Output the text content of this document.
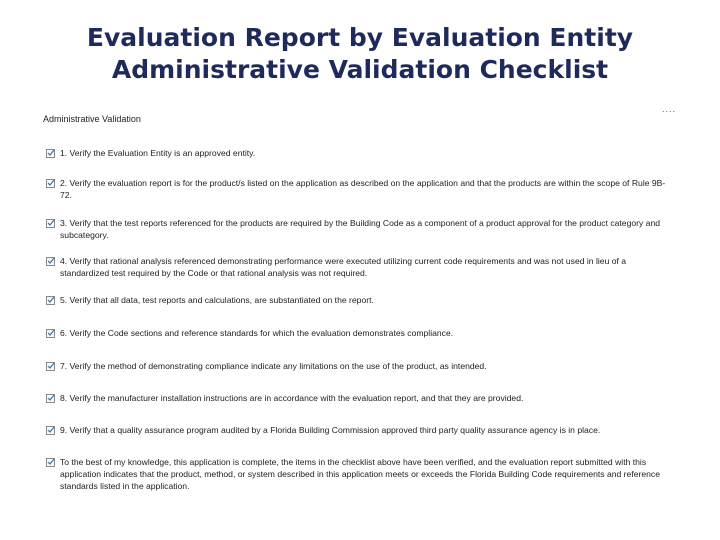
Evaluation Report by Evaluation Entity
Administrative Validation Checklist
....
Administrative Validation
1. Verify the Evaluation Entity is an approved entity.
2. Verify the evaluation report is for the product/s listed on the application as described on the application and that the products are within the scope of Rule 9B-72.
3. Verify that the test reports referenced for the products are required by the Building Code as a component of a product approval for the product category and subcategory.
4. Verify that rational analysis referenced demonstrating performance were executed utilizing current code requirements and was not used in lieu of a standardized test required by the Code or that rational analysis was not required.
5. Verify that all data, test reports and calculations, are substantiated on the report.
6. Verify the Code sections and reference standards for which the evaluation demonstrates compliance.
7. Verify the method of demonstrating compliance indicate any limitations on the use of the product, as intended.
8. Verify the manufacturer installation instructions are in accordance with the evaluation report, and that they are provided.
9. Verify that a quality assurance program audited by a Florida Building Commission approved third party quality assurance agency is in place.
To the best of my knowledge, this application is complete, the items in the checklist above have been verified, and the evaluation report submitted with this application indicates that the product, method, or system described in this application meets or exceeds the Florida Building Code requirements and reference standards listed in the application.
